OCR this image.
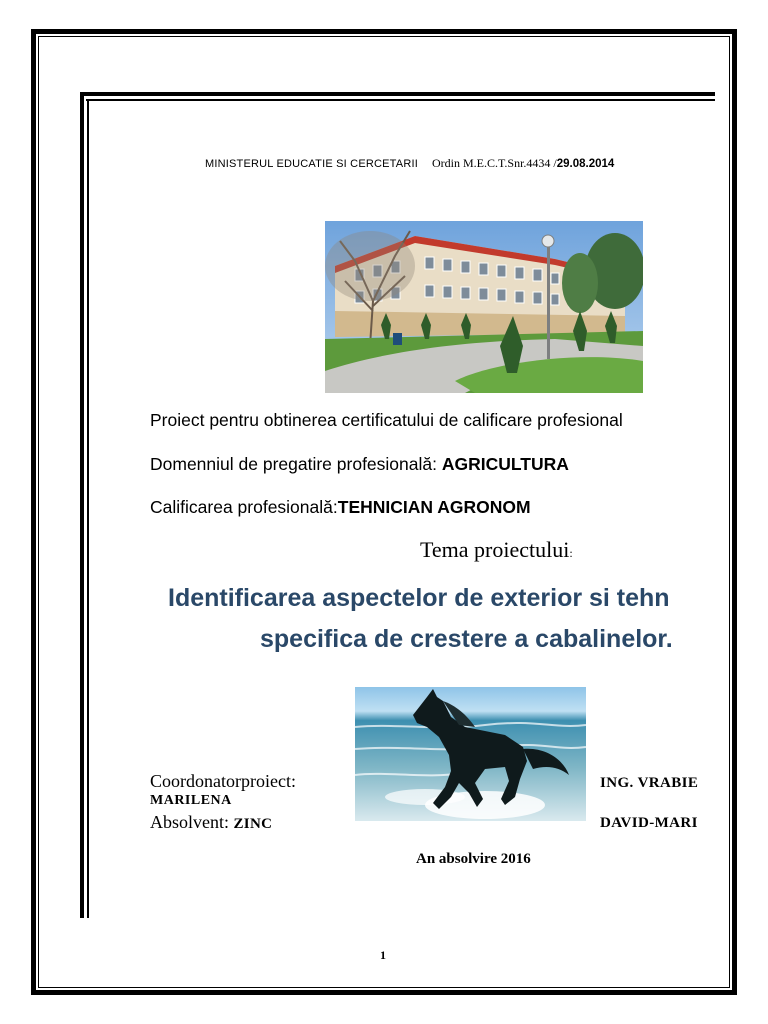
MINISTERUL EDUCATIE SI CERCETARII Ordin M.E.C.T.Snr.4434 /29.08.2014
Proiect pentru obtinerea certificatului de calificare profesional
Domenniul de pregatire profesională: AGRICULTURA
Calificarea profesională:TEHNICIAN AGRONOM
Tema proiectului:
Identificarea aspectelor de exterior si tehn
specifica de crestere a cabalinelor.
Coordonatorproiect:	ING. VRABIE
MARILENA
Absolvent: ZINC	DAVID-MARI
An absolvire 2016
1
